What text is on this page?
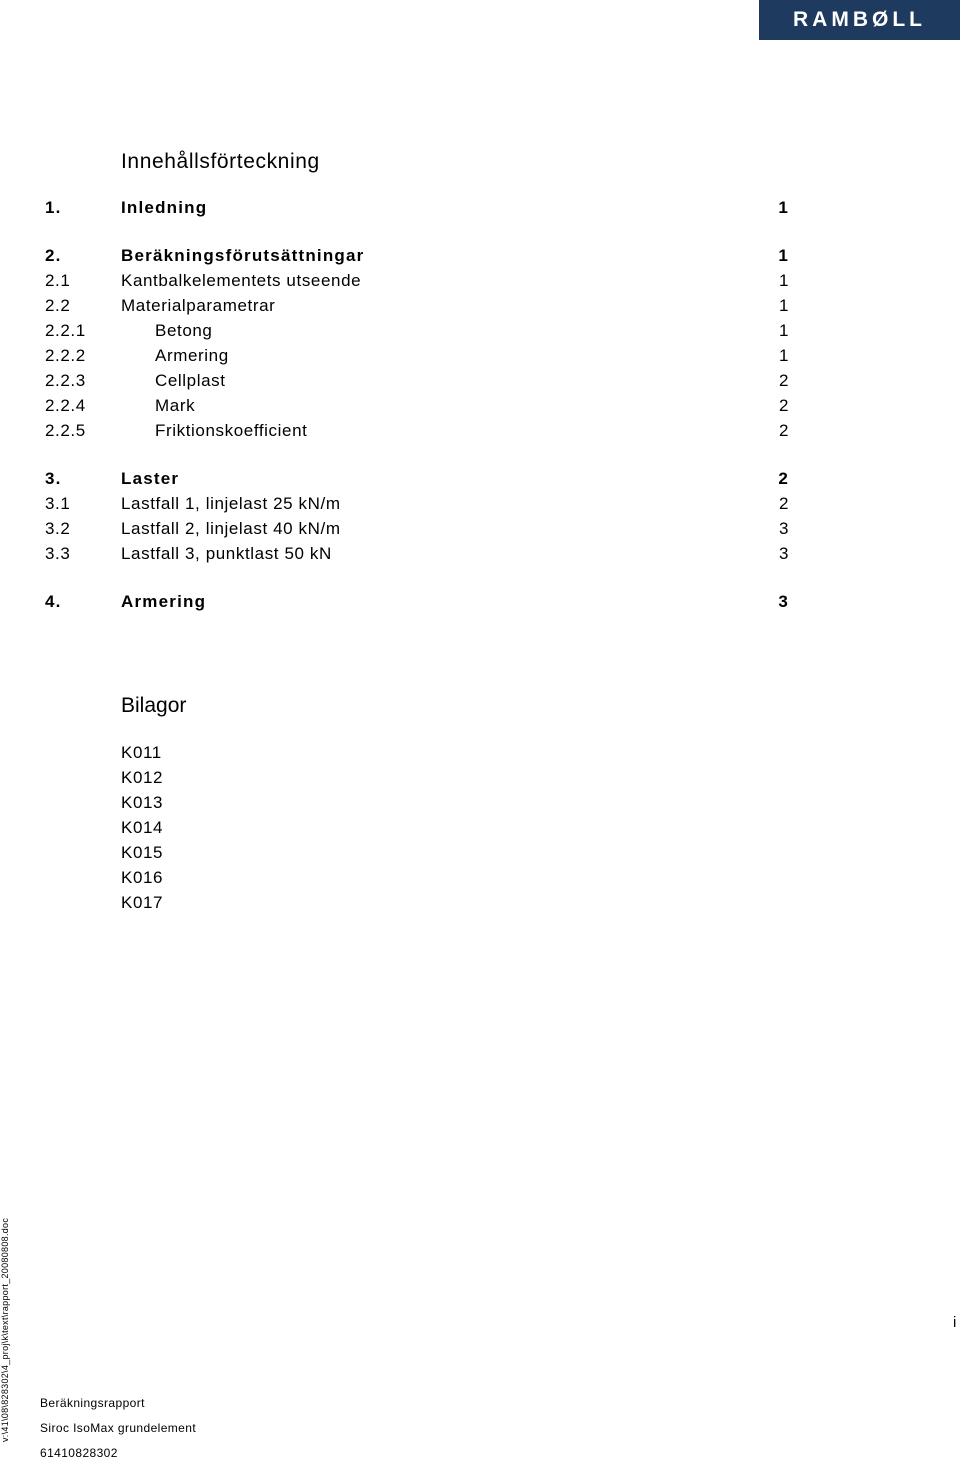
RAMBØLL
Innehållsförteckning
1.	Inledning	1
2.	Beräkningsförutsättningar	1
2.1	Kantbalkelementets utseende	1
2.2	Materialparametrar	1
2.2.1	Betong	1
2.2.2	Armering	1
2.2.3	Cellplast	2
2.2.4	Mark	2
2.2.5	Friktionskoefficient	2
3.	Laster	2
3.1	Lastfall 1, linjelast 25 kN/m	2
3.2	Lastfall 2, linjelast 40 kN/m	3
3.3	Lastfall 3, punktlast 50 kN	3
4.	Armering	3
Bilagor
K011
K012
K013
K014
K015
K016
K017
v:\41\08\828302\4_proj\k\text\rapport_20080808.doc	i
Beräkningsrapport
Siroc IsoMax grundelement
61410828302
